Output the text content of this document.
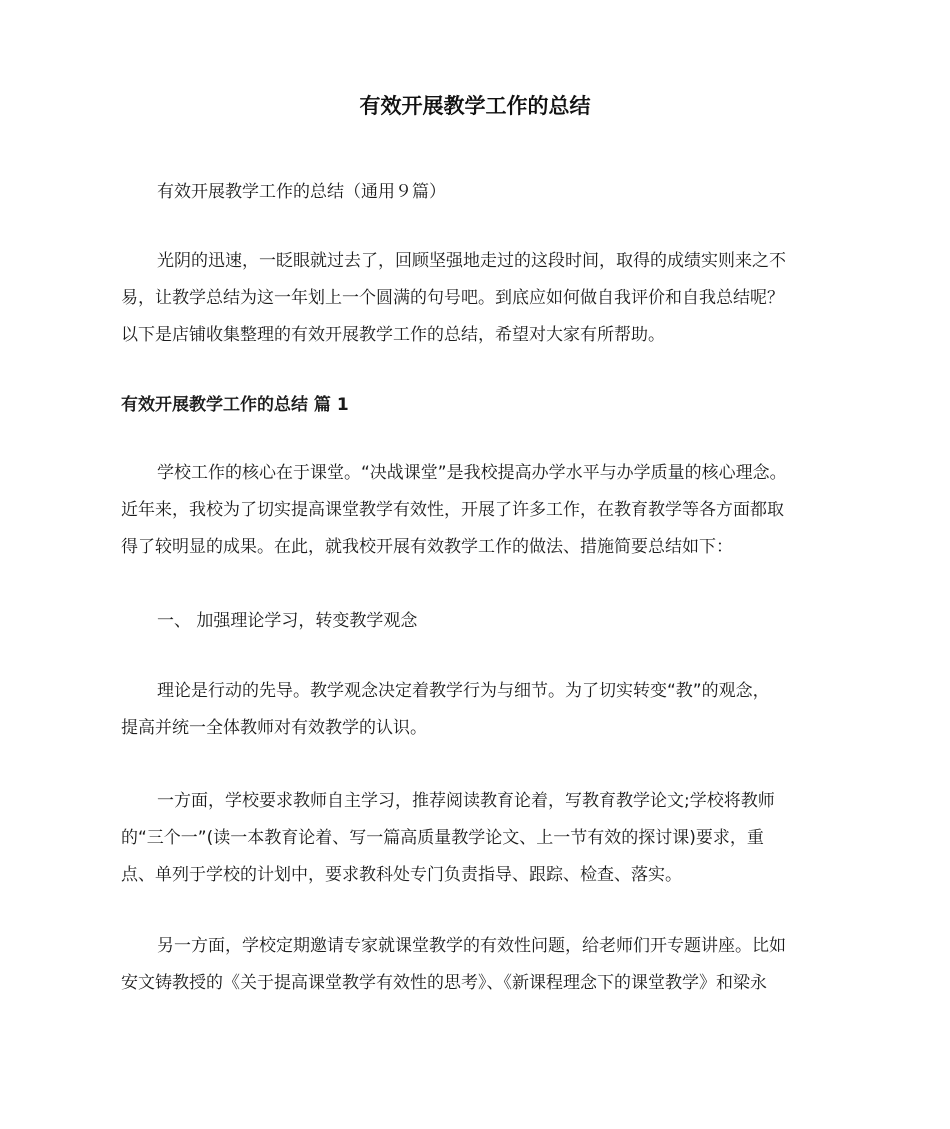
有效开展教学工作的总结
有效开展教学工作的总结（通用９篇）
光阴的迅速，一眨眼就过去了，回顾坚强地走过的这段时间，取得的成绩实则来之不
易，让教学总结为这一年划上一个圆满的句号吧。到底应如何做自我评价和自我总结呢？
以下是店铺收集整理的有效开展教学工作的总结，希望对大家有所帮助。
有效开展教学工作的总结 篇 1
学校工作的核心在于课堂。“决战课堂”是我校提高办学水平与办学质量的核心理念。
近年来，我校为了切实提高课堂教学有效性，开展了许多工作，在教育教学等各方面都取
得了较明显的成果。在此，就我校开展有效教学工作的做法、措施简要总结如下：
一、 加强理论学习，转变教学观念
理论是行动的先导。教学观念决定着教学行为与细节。为了切实转变“教”的观念，
提高并统一全体教师对有效教学的认识。
一方面，学校要求教师自主学习，推荐阅读教育论着，写教育教学论文;学校将教师
的“三个一”(读一本教育论着、写一篇高质量教学论文、上一节有效的探讨课)要求，重
点、单列于学校的计划中，要求教科处专门负责指导、跟踪、检查、落实。
另一方面，学校定期邀请专家就课堂教学的有效性问题，给老师们开专题讲座。比如
安文铸教授的《关于提高课堂教学有效性的思考》、《新课程理念下的课堂教学》和梁永
